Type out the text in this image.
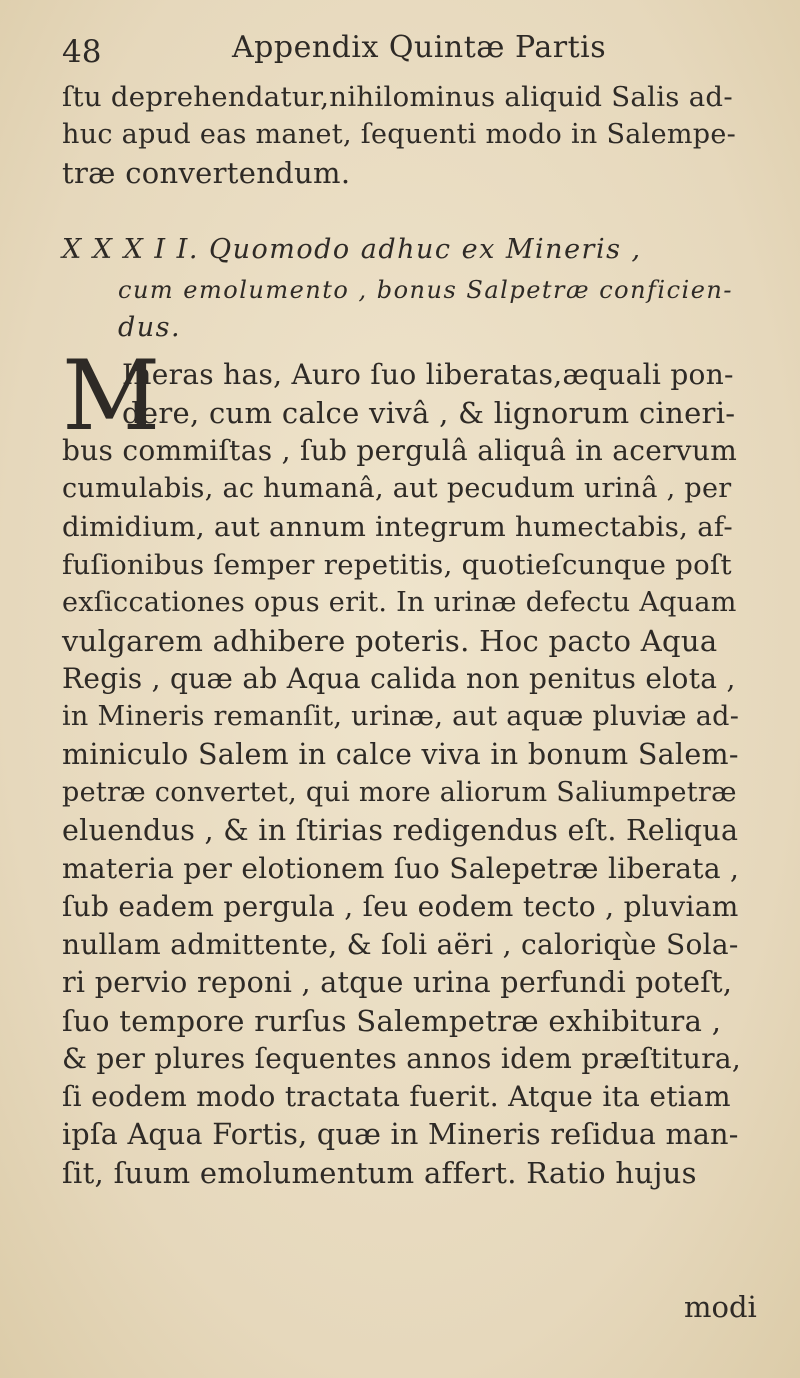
48	Appendix Quintæ Partis
ſtu deprehendatur,nihilominus aliquid Salis ad-
huc apud eas manet, ſequenti modo in Salempe-
træ convertendum.
X X X I I. Quomodo adhuc ex Mineris ,
cum emolumento , bonus Salpetræ conficien-
dus.
M
Ineras has, Auro ſuo liberatas,æquali pon-
dere, cum calce vivâ , & lignorum cineri-
bus commiſtas , ſub pergulâ aliquâ in acervum
cumulabis, ac humanâ, aut pecudum urinâ , per
dimidium, aut annum integrum humectabis, af-
fuſionibus ſemper repetitis, quotieſcunque poſt
exſiccationes opus erit. In urinæ defectu Aquam
vulgarem adhibere poteris. Hoc pacto Aqua
Regis , quæ ab Aqua calida non penitus elota ,
in Mineris remanſit, urinæ, aut aquæ pluviæ ad-
miniculo Salem in calce viva in bonum Salem-
petræ convertet, qui more aliorum Saliumpetræ
eluendus , & in ſtirias redigendus eſt. Reliqua
materia per elotionem ſuo Salepetræ liberata ,
ſub eadem pergula , ſeu eodem tecto , pluviam
nullam admittente, & ſoli aëri , caloriqùe Sola-
ri pervio reponi , atque urina perfundi poteſt,
ſuo tempore rurſus Salempetræ exhibitura ,
& per plures ſequentes annos idem præſtitura,
ſi eodem modo tractata fuerit. Atque ita etiam
ipſa Aqua Fortis, quæ in Mineris reſidua man-
ſit, ſuum emolumentum affert. Ratio hujus
modi
